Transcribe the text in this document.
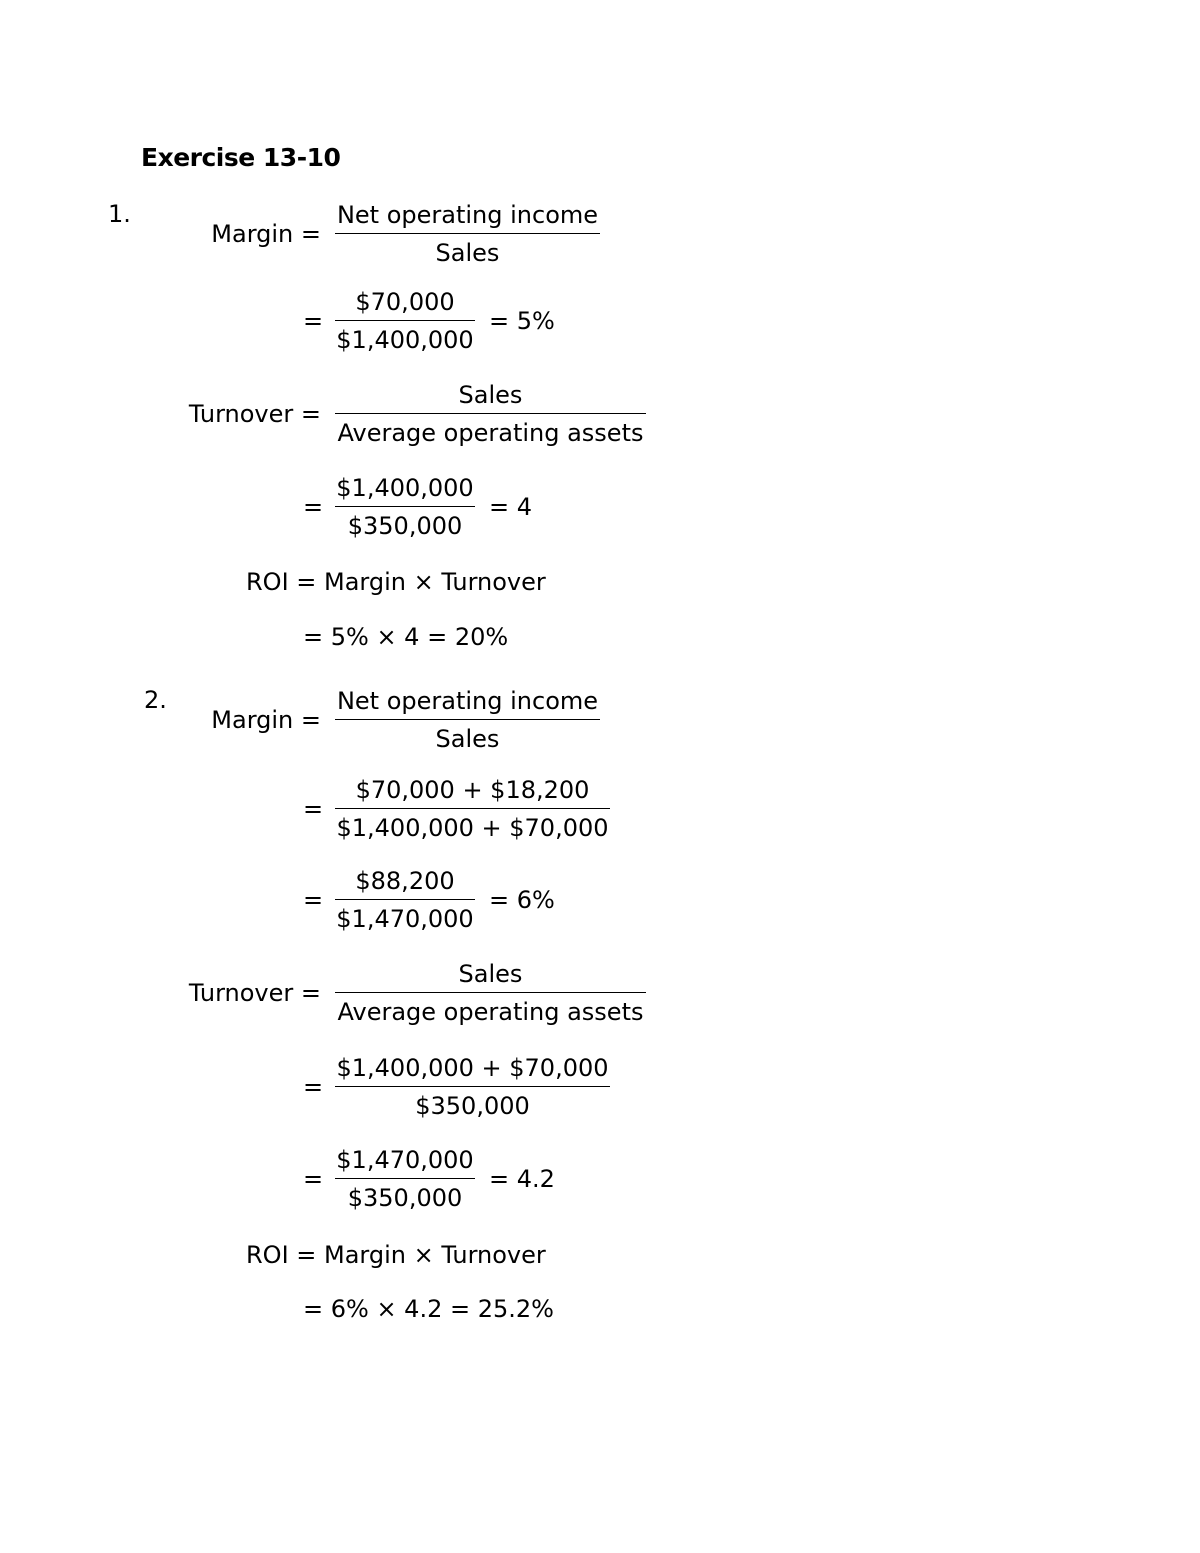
Exercise 13-10
1.
Margin =
Net operating income
Sales
=
$70,000
$1,400,000
= 5%
Turnover =
Sales
Average operating assets
=
$1,400,000
$350,000
= 4
ROI = Margin × Turnover
= 5% × 4 = 20%
2.
Margin =
Net operating income
Sales
=
$70,000 + $18,200
$1,400,000 + $70,000
=
$88,200
$1,470,000
= 6%
Turnover =
Sales
Average operating assets
=
$1,400,000 + $70,000
$350,000
=
$1,470,000
$350,000
= 4.2
ROI = Margin × Turnover
= 6% × 4.2 = 25.2%
